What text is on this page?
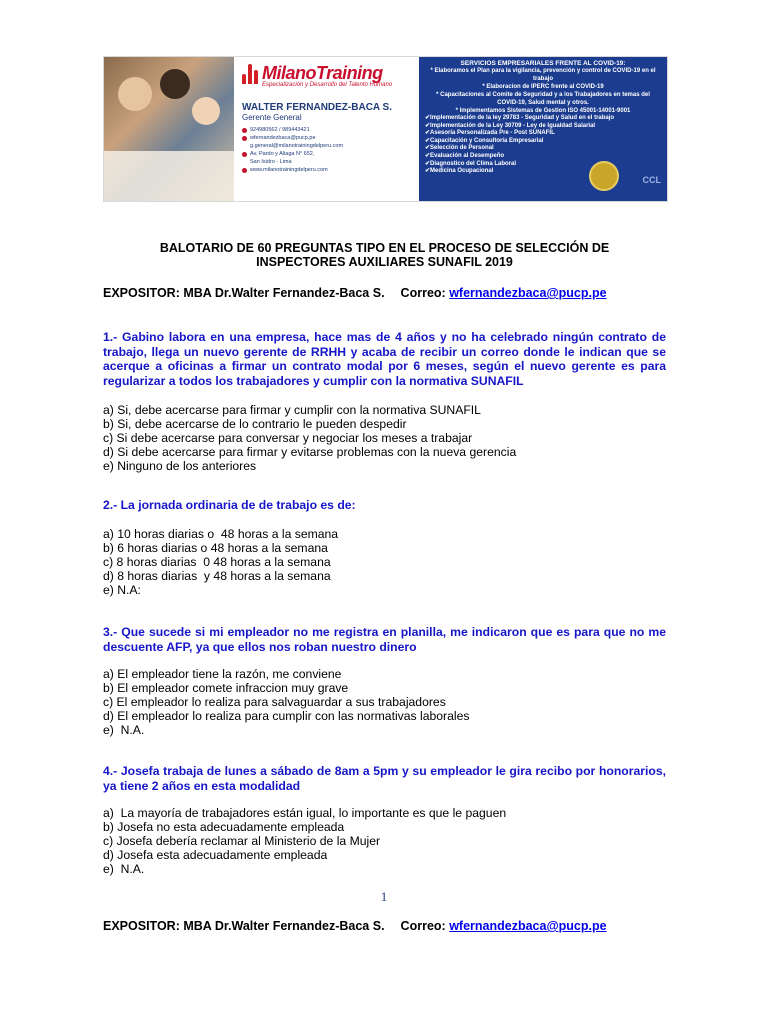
MilanoTraining
Especialización y Desarrollo del Talento Humano
WALTER FERNANDEZ-BACA S.
Gerente General
924980562 / 989443421
wfernandezbaca@pucp.pe
g.general@milanotrainingdelperu.com
Av. Pardo y Aliaga N° 652,
San Isidro - Lima
www.milanotrainingdelperu.com
SERVICIOS EMPRESARIALES FRENTE AL COVID-19:
* Elaboramos el Plan para la vigilancia, prevención y control de COVID-19 en el trabajo
* Elaboracion de IPERC frente al COVID-19
* Capacitaciones al Comite de Seguridad y a los Trabajadores en temas del COVID-19, Salud mental y otros.
* Implementamos Sistemas de Gestion ISO 45001-14001-9001
✔Implementación de la ley 29783 - Seguridad y Salud en el trabajo
✔Implementación de la Ley 30709 - Ley de Igualdad Salarial
✔Asesoría Personalizada Pre - Post SUNAFIL
✔Capacitación y Consultoría Empresarial
✔Selección de Personal
✔Evaluación al Desempeño
✔Diagnostico del Clima Laboral
✔Medicina Ocupacional
CCL
BALOTARIO DE 60 PREGUNTAS TIPO EN EL PROCESO DE SELECCIÓN DE
INSPECTORES AUXILIARES SUNAFIL 2019
EXPOSITOR: MBA Dr.Walter Fernandez-Baca S. Correo: wfernandezbaca@pucp.pe
1.- Gabino labora en una empresa, hace mas de 4 años y no ha celebrado ningún contrato de trabajo, llega un nuevo gerente de RRHH y acaba de recibir un correo donde le indican que se acerque a oficinas a firmar un contrato modal por 6 meses, según el nuevo gerente es para regularizar a todos los trabajadores y cumplir con la normativa SUNAFIL
a) Si, debe acercarse para firmar y cumplir con la normativa SUNAFIL
b) Si, debe acercarse de lo contrario le pueden despedir
c) Si debe acercarse para conversar y negociar los meses a trabajar
d) Si debe acercarse para firmar y evitarse problemas con la nueva gerencia
e) Ninguno de los anteriores
2.- La jornada ordinaria de de trabajo es de:
a) 10 horas diarias o  48 horas a la semana
b) 6 horas diarias o 48 horas a la semana
c) 8 horas diarias  0 48 horas a la semana
d) 8 horas diarias  y 48 horas a la semana
e) N.A:
3.- Que sucede si mi empleador no me registra en planilla, me indicaron que es para que no me descuente AFP, ya que ellos nos roban nuestro dinero
a) El empleador tiene la razón, me conviene
b) El empleador comete infraccion muy grave
c) El empleador lo realiza para salvaguardar a sus trabajadores
d) El empleador lo realiza para cumplir con las normativas laborales
e)  N.A.
4.- Josefa trabaja de lunes a sábado de 8am a 5pm y su empleador le gira recibo por honorarios, ya tiene 2 años en esta modalidad
a)  La mayoría de trabajadores están igual, lo importante es que le paguen
b) Josefa no esta adecuadamente empleada
c) Josefa debería reclamar al Ministerio de la Mujer
d) Josefa esta adecuadamente empleada
e)  N.A.
1
EXPOSITOR: MBA Dr.Walter Fernandez-Baca S. Correo: wfernandezbaca@pucp.pe
